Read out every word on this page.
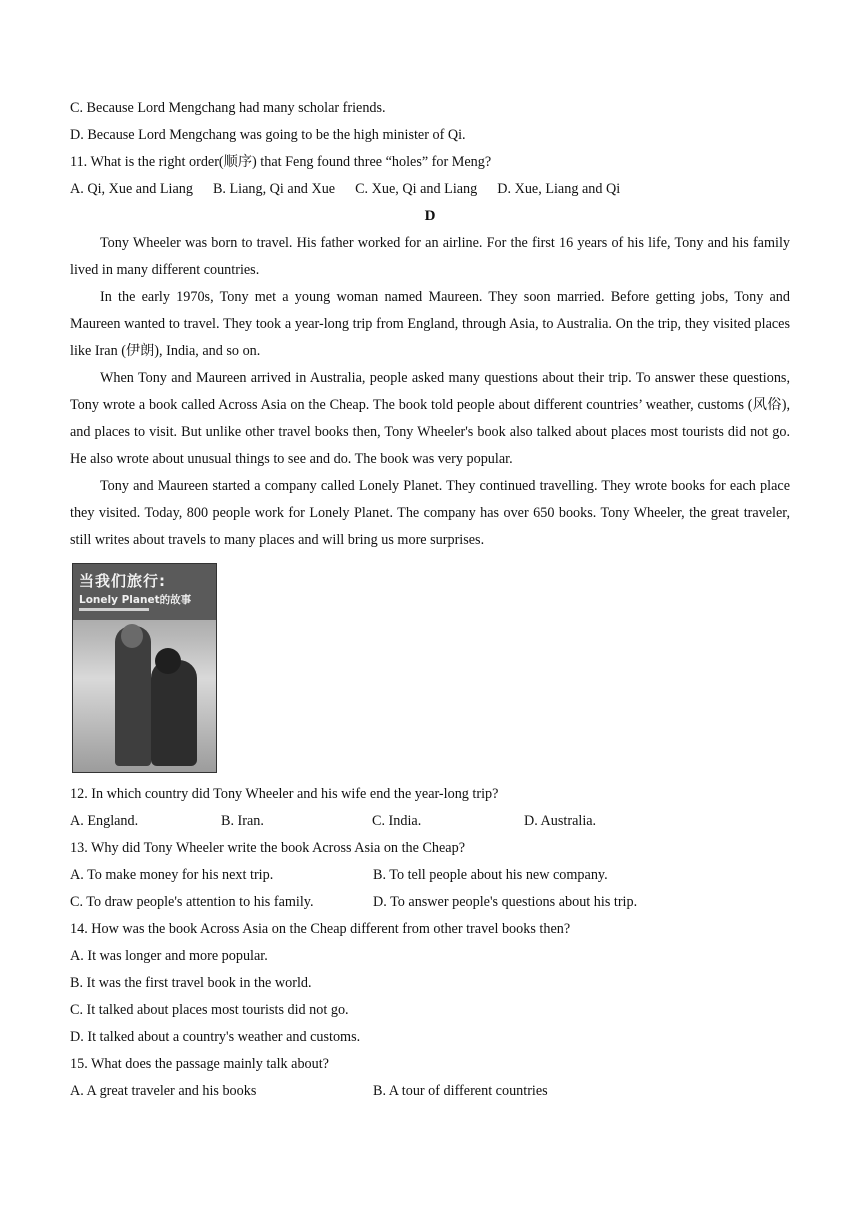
C. Because Lord Mengchang had many scholar friends.
D. Because Lord Mengchang was going to be the high minister of Qi.
11. What is the right order(顺序) that Feng found three “holes” for Meng?
A. Qi, Xue and Liang B. Liang, Qi and Xue C. Xue, Qi and Liang D. Xue, Liang and Qi
D

Tony Wheeler was born to travel. His father worked for an airline. For the first 16 years of his life, Tony and his family lived in many different countries.

In the early 1970s, Tony met a young woman named Maureen. They soon married. Before getting jobs, Tony and Maureen wanted to travel. They took a year-long trip from England, through Asia, to Australia. On the trip, they visited places like Iran (伊朗), India, and so on.

When Tony and Maureen arrived in Australia, people asked many questions about their trip. To answer these questions, Tony wrote a book called Across Asia on the Cheap. The book told people about different countries’ weather, customs (风俗), and places to visit. But unlike other travel books then, Tony Wheeler's book also talked about places most tourists did not go. He also wrote about unusual things to see and do. The book was very popular.

Tony and Maureen started a company called Lonely Planet. They continued travelling. They wrote books for each place they visited. Today, 800 people work for Lonely Planet. The company has over 650 books. Tony Wheeler, the great traveler, still writes about travels to many places and will bring us more surprises.

当我们旅行:
Lonely Planet的故事
12. In which country did Tony Wheeler and his wife end the year-long trip?
A. England.	B. Iran.	C. India.	D. Australia.
13. Why did Tony Wheeler write the book Across Asia on the Cheap?
A. To make money for his next trip.	B. To tell people about his new company.
C. To draw people's attention to his family.	D. To answer people's questions about his trip.
14. How was the book Across Asia on the Cheap different from other travel books then?
A. It was longer and more popular.
B. It was the first travel book in the world.
C. It talked about places most tourists did not go.
D. It talked about a country's weather and customs.
15. What does the passage mainly talk about?
A. A great traveler and his books	B. A tour of different countries
